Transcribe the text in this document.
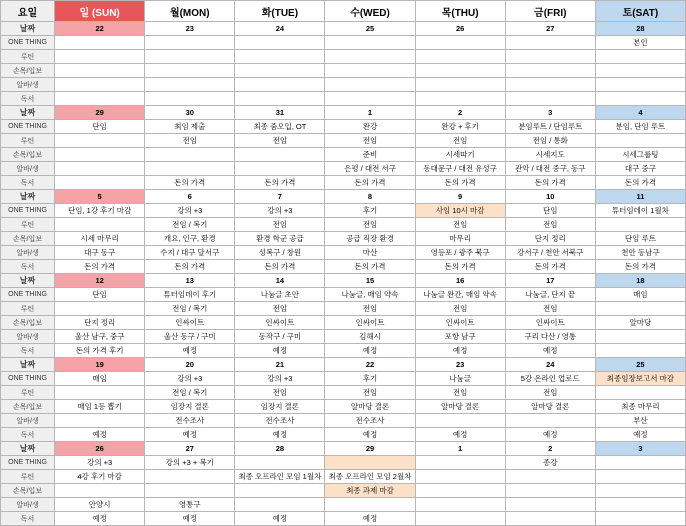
요일	일 (SUN)	월(MON)	화(TUE)	수(WED)	목(THU)	금(FRI)	토(SAT)
날짜	22	23	24	25	26	27	28
ONE THING							본인
루틴							
손목/입보							
알바/생							
독서							
날짜	29	30	31	1	2	3	4
ONE THING	단임	최임 제출	최종 줌오입, OT	완강	완강 + 후기	분임루트 / 단임루트	분임, 단임 루트
루틴		전임	전임	전임	전임	전임 / 통화	
손목/입보				준비	시세따기	시세지도	시세그룹팅
알바/생				은평 / 대전 서구	동대문구 / 대전 유성구	관악 / 대전 중구, 동구	대구 중구
독서		돈의 가격	돈의 가격	돈의 가격	돈의 가격	돈의 가격	돈의 가격
날짜	5	6	7	8	9	10	11
ONE THING	단임, 1강 후기 마감	강의 +3	강의 +3	후기	사임 10시 마감	단임	튜터임데이 1월차
루틴		전임 / 복기	전임	전임	전임	전임	
손목/입보	시세 마무리	개요, 인구, 환경	환경 학군 공급	공급 직장 환경	마무리	단지 정리	단임 루트
알바/생	대구 동구	수지 / 대구 달서구	성복구 / 창원	마산	영등포 / 광주 북구	강서구 / 천안 서북구	천안 동남구
독서	돈의 가격	돈의 가격	돈의 가격	돈의 가격	돈의 가격	돈의 가격	돈의 가격
날짜	12	13	14	15	16	17	18
ONE THING	단임	튜터임데이 후기	나눔글 초안	나눔글, 매임 약속	나눔글 완간, 매임 약속	나눔글, 단지 끝	매임
루틴		전임 / 복기	전임	전임	전임	전임	
손목/입보	단지 정리	인싸이트	인싸이트	인싸이트	인싸이트	인싸이트	알마당
알바/생	울산 남구, 중구	울산 동구 / 구미	동작구 / 구미	김해시	포항 남구	구리 다산 / 영통	
독서	돈의 가격 후기	예정	예정	예정	예정	예정	
날짜	19	20	21	22	23	24	25
ONE THING	매임	강의 +3	강의 +3	후기	나눔글	5강 온라인 업로드	최종임장보고서 마감
루틴		전임 / 복기	전임	전임	전임	전임	
손목/입보	매임 1등 뽑기	임장지 결론	임장지 결론	알마당 결론	알마당 결론	알마당 결론	최종 마무리
알바/생		전수조사	전수조사	전수조사			부산
독서	예정	예정	예정	예정	예정	예정	예정
날짜	26	27	28	29	1	2	3
ONE THING	강의 +3	강의 +3 + 복기				종강	
루틴	4강 후기 마감		최종 오프라인 모임 1월차	최종 오프라인 모임 2월차			
손목/입보				최종 과제 마감			
알바/생	안양시	영통구					
독서	예정	예정	예정	예정			
